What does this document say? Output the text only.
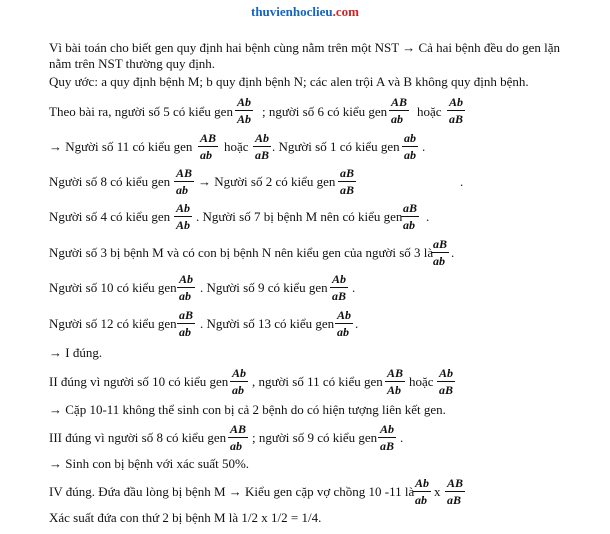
thuvienhoclieu.com
Vì bài toán cho biết gen quy định hai bệnh cùng nằm trên một NST → Cả hai bệnh đều do gen lặn
nằm trên NST thường quy định.
Quy ước: a quy định bệnh M; b quy định bệnh N; các alen trội A và B không quy định bệnh.
Theo bài ra, người số 5 có kiểu gen
Ab
Ab ; người số 6 có kiểu gen
AB
ab	hoặc
Ab
aB
→ Người số 11 có kiểu gen
AB
ab
hoặc
Ab
aB
. Người số 1 có kiểu gen
ab
ab
.
Người số 8 có kiểu gen
AB
ab
→ Người số 2 có kiểu gen
aB
aB
.
Người số 4 có kiểu gen
Ab
Ab
. Người số 7 bị bệnh M nên có kiểu gen
aB
ab
.
Người số 3 bị bệnh M và có con bị bệnh N nên kiểu gen của người số 3 là
aB
ab
.
Người số 10 có kiểu gen
Ab
ab
. Người số 9 có kiểu gen
Ab
aB
.
Người số 12 có kiểu gen
aB
ab
. Người số 13 có kiểu gen
Ab
ab
.
→ I đúng.
II đúng vì người số 10 có kiểu gen
Ab
ab
, người số 11 có kiểu gen
AB
Ab
hoặc
Ab
aB
→ Cặp 10-11 không thể sinh con bị cả 2 bệnh do có hiện tượng liên kết gen.
III đúng vì người số 8 có kiểu gen
AB
ab
; người số 9 có kiểu gen
Ab
aB
.
→ Sinh con bị bệnh với xác suất 50%.
IV đúng. Đứa đầu lòng bị bệnh M → Kiểu gen cặp vợ chồng 10 -11 là
Ab
ab
x
AB
aB
Xác suất đứa con thứ 2 bị bệnh M là 1/2 x 1/2 = 1/4.
